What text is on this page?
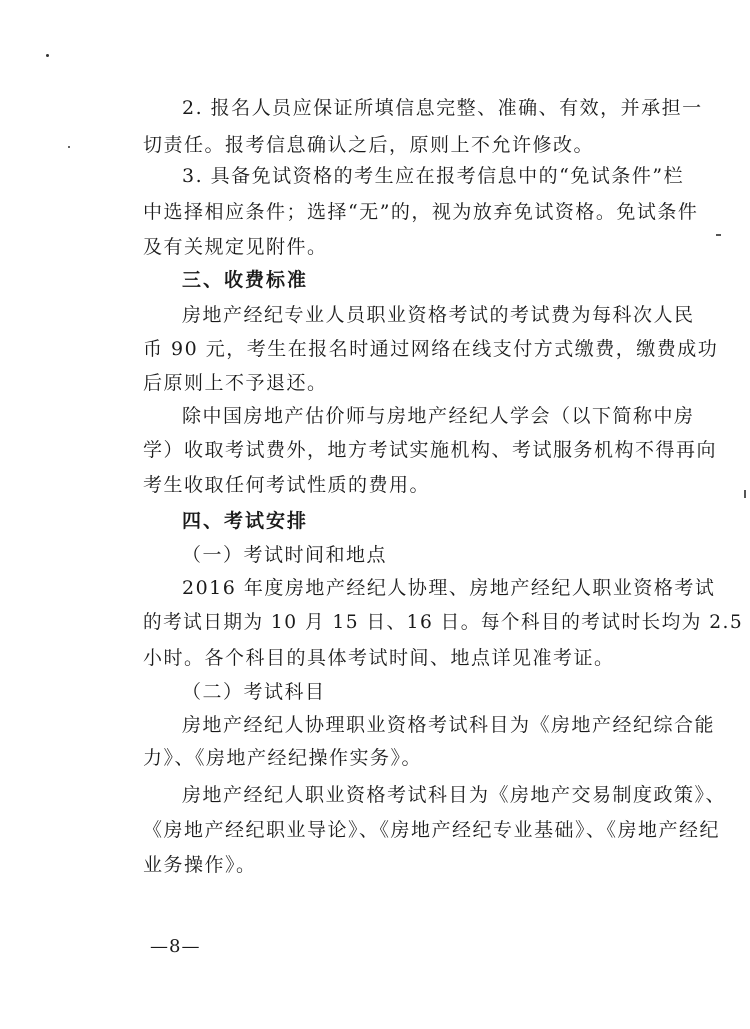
2. 报名人员应保证所填信息完整、准确、有效，并承担一
切责任。报考信息确认之后，原则上不允许修改。
3. 具备免试资格的考生应在报考信息中的“免试条件”栏
中选择相应条件；选择“无”的，视为放弃免试资格。免试条件
及有关规定见附件。
三、收费标准
房地产经纪专业人员职业资格考试的考试费为每科次人民
币 90 元，考生在报名时通过网络在线支付方式缴费，缴费成功
后原则上不予退还。
除中国房地产估价师与房地产经纪人学会（以下简称中房
学）收取考试费外，地方考试实施机构、考试服务机构不得再向
考生收取任何考试性质的费用。
四、考试安排
（一）考试时间和地点
2016 年度房地产经纪人协理、房地产经纪人职业资格考试
的考试日期为 10 月 15 日、16 日。每个科目的考试时长均为 2.5
小时。各个科目的具体考试时间、地点详见准考证。
（二）考试科目
房地产经纪人协理职业资格考试科目为《房地产经纪综合能
力》、《房地产经纪操作实务》。
房地产经纪人职业资格考试科目为《房地产交易制度政策》、
《房地产经纪职业导论》、《房地产经纪专业基础》、《房地产经纪
业务操作》。
—8—
